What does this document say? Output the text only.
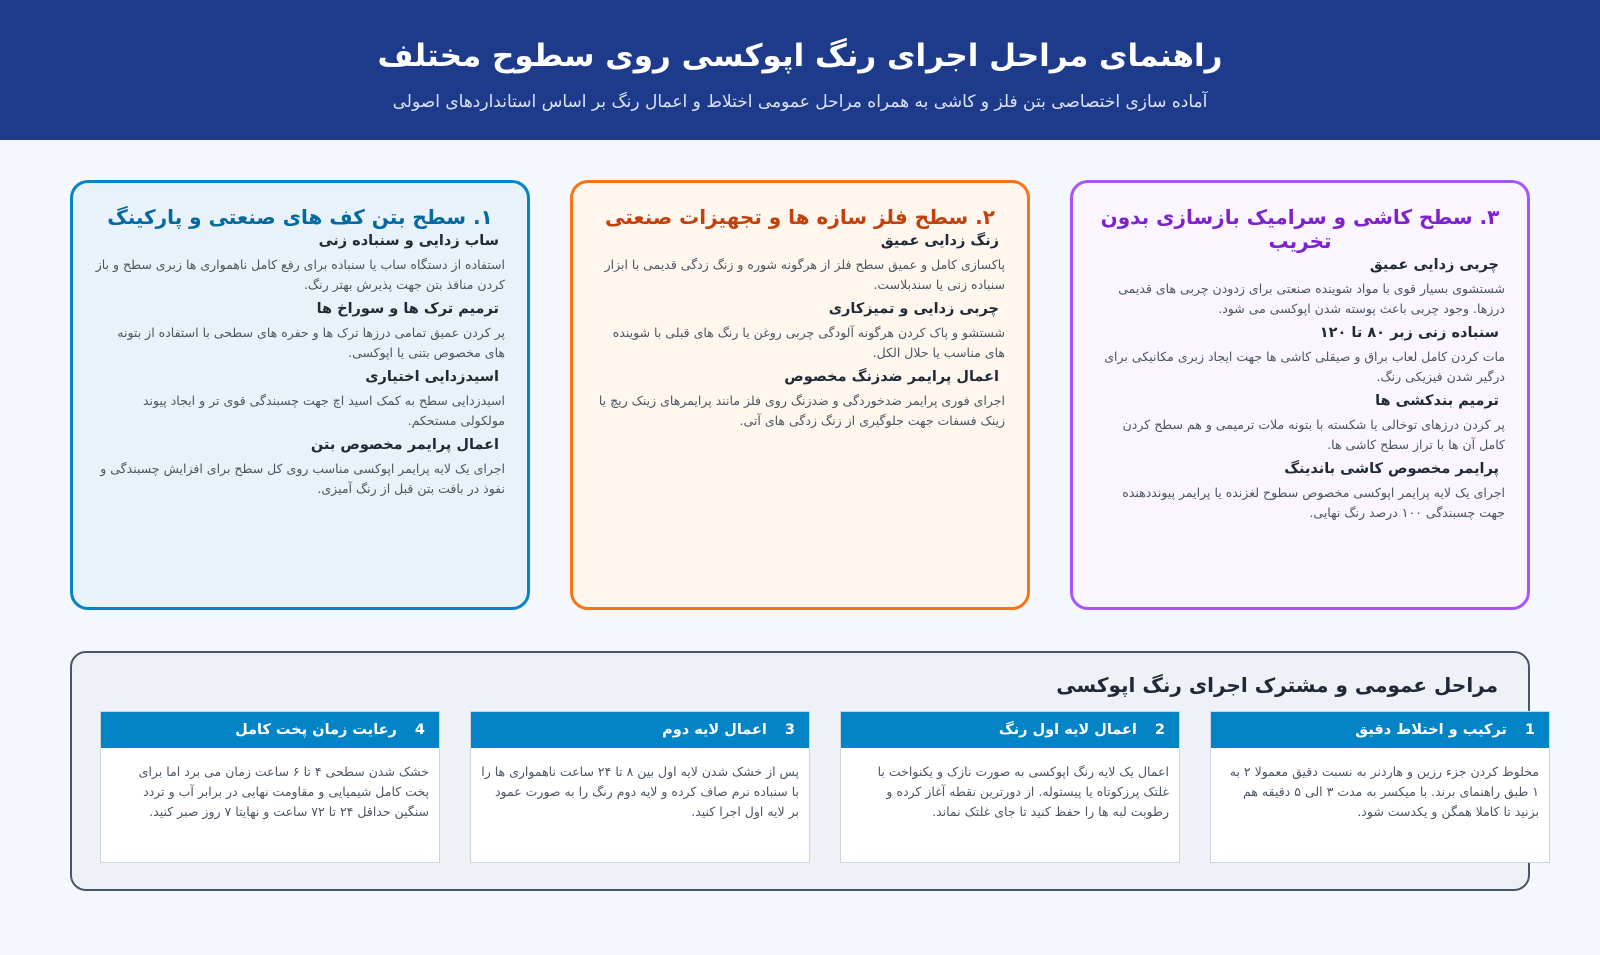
راهنمای مراحل اجرای رنگ اپوکسی روی سطوح مختلف

آماده سازی اختصاصی بتن فلز و کاشی به همراه مراحل عمومی اختلاط و اعمال رنگ بر اساس استانداردهای اصولی

۳. سطح کاشی و سرامیک بازسازی بدون تخریب
چربی زدایی عمیق
شستشوی بسیار قوی با مواد شوینده صنعتی برای زدودن چربی های قدیمی درزها. وجود چربی باعث پوسته شدن اپوکسی می شود.
سنباده زنی زبر ۸۰ تا ۱۲۰
مات کردن کامل لعاب براق و صیقلی کاشی ها جهت ایجاد زبری مکانیکی برای درگیر شدن فیزیکی رنگ.
ترمیم بندکشی ها
پر کردن درزهای توخالی یا شکسته با بتونه ملات ترمیمی و هم سطح کردن کامل آن ها با تراز سطح کاشی ها.
پرایمر مخصوص کاشی باندینگ
اجرای یک لایه پرایمر اپوکسی مخصوص سطوح لغزنده یا پرایمر پیونددهنده جهت چسبندگی ۱۰۰ درصد رنگ نهایی.
۲. سطح فلز سازه ها و تجهیزات صنعتی
زنگ زدایی عمیق
پاکسازی کامل و عمیق سطح فلز از هرگونه شوره و زنگ زدگی قدیمی با ابزار سنباده زنی یا سندبلاست.
چربی زدایی و تمیزکاری
شستشو و پاک کردن هرگونه آلودگی چربی روغن یا رنگ های قبلی با شوینده های مناسب یا حلال الکل.
اعمال پرایمر ضدزنگ مخصوص
اجرای فوری پرایمر ضدخوردگی و ضدزنگ روی فلز مانند پرایمرهای زینک ریچ یا زینک فسفات جهت جلوگیری از زنگ زدگی های آتی.
۱. سطح بتن کف های صنعتی و پارکینگ
ساب زدایی و سنباده زنی
استفاده از دستگاه ساب یا سنباده برای رفع کامل ناهمواری ها زبری سطح و باز کردن منافذ بتن جهت پذیرش بهتر رنگ.
ترمیم ترک ها و سوراخ ها
پر کردن عمیق تمامی درزها ترک ها و حفره های سطحی با استفاده از بتونه های مخصوص بتنی یا اپوکسی.
اسیدزدایی اختیاری
اسیدزدایی سطح به کمک اسید اچ جهت چسبندگی قوی تر و ایجاد پیوند مولکولی مستحکم.
اعمال پرایمر مخصوص بتن
اجرای یک لایه پرایمر اپوکسی مناسب روی کل سطح برای افزایش چسبندگی و نفوذ در بافت بتن قبل از رنگ آمیزی.
مراحل عمومی و مشترک اجرای رنگ اپوکسی
1ترکیب و اختلاط دقیق
مخلوط کردن جزء رزین و هاردنر به نسبت دقیق معمولا ۲ به ۱ طبق راهنمای برند. با میکسر به مدت ۳ الی ۵ دقیقه هم بزنید تا کاملا همگن و یکدست شود.
2اعمال لایه اول رنگ
اعمال یک لایه رنگ اپوکسی به صورت نازک و یکنواخت با غلتک پرزکوتاه یا پیستوله. از دورترین نقطه آغاز کرده و رطوبت لبه ها را حفظ کنید تا جای غلتک نماند.
3اعمال لایه دوم
پس از خشک شدن لایه اول بین ۸ تا ۲۴ ساعت ناهمواری ها را با سنباده نرم صاف کرده و لایه دوم رنگ را به صورت عمود بر لایه اول اجرا کنید.
4رعایت زمان پخت کامل
خشک شدن سطحی ۴ تا ۶ ساعت زمان می برد اما برای پخت کامل شیمیایی و مقاومت نهایی در برابر آب و تردد سنگین حداقل ۲۴ تا ۷۲ ساعت و نهایتا ۷ روز صبر کنید.
